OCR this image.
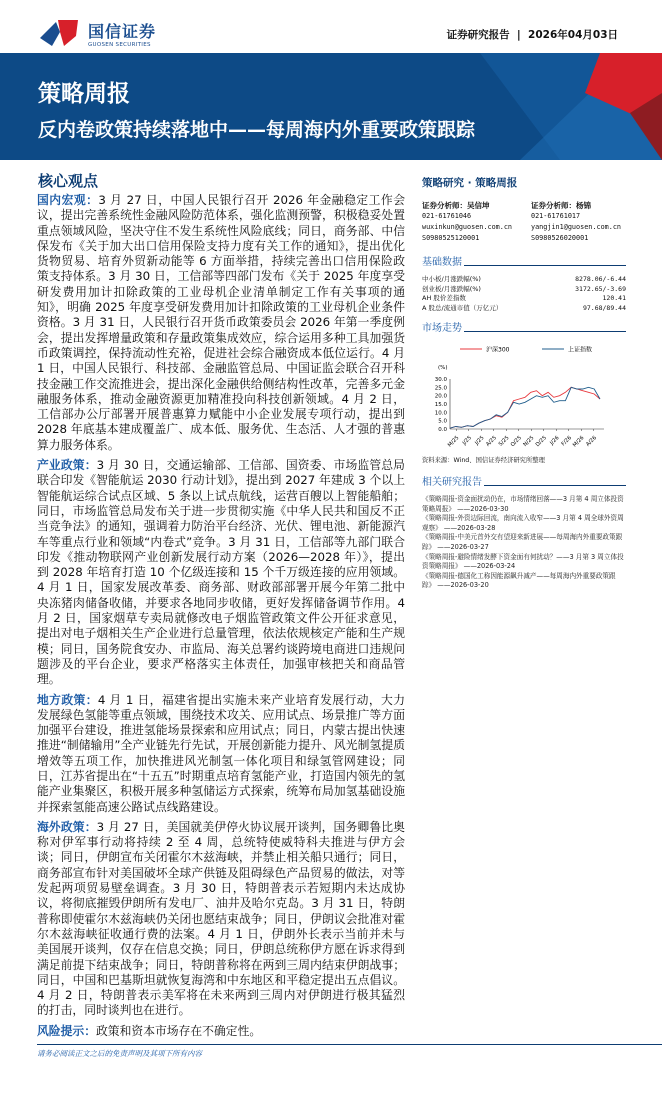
国信证券
GUOSEN SECURITIES
证券研究报告  |  2026年04月03日
策略周报
反内卷政策持续落地中——每周海内外重要政策跟踪
核心观点

国内宏观：3 月 27 日，中国人民银行召开 2026 年金融稳定工作会议，提出完善系统性金融风险防范体系，强化监测预警，积极稳妥处置重点领域风险，坚决守住不发生系统性风险底线；同日，商务部、中信保发布《关于加大出口信用保险支持力度有关工作的通知》，提出优化货物贸易、培育外贸新动能等 6 方面举措，持续完善出口信用保险政策支持体系。3 月 30 日，工信部等四部门发布《关于 2025 年度享受研发费用加计扣除政策的工业母机企业清单制定工作有关事项的通知》，明确 2025 年度享受研发费用加计扣除政策的工业母机企业条件资格。3 月 31 日，人民银行召开货币政策委员会 2026 年第一季度例会，提出发挥增量政策和存量政策集成效应，综合运用多种工具加强货币政策调控，保持流动性充裕，促进社会综合融资成本低位运行。4 月 1 日，中国人民银行、科技部、金融监管总局、中国证监会联合召开科技金融工作交流推进会，提出深化金融供给侧结构性改革，完善多元金融服务体系，推动金融资源更加精准投向科技创新领域。4 月 2 日，工信部办公厅部署开展普惠算力赋能中小企业发展专项行动，提出到 2028 年底基本建成覆盖广、成本低、服务优、生态活、人才强的普惠算力服务体系。

产业政策：3 月 30 日，交通运输部、工信部、国资委、市场监管总局联合印发《智能航运 2030 行动计划》，提出到 2027 年建成 3 个以上智能航运综合试点区域、5 条以上试点航线，运营百艘以上智能船舶；同日，市场监管总局发布关于进一步贯彻实施《中华人民共和国反不正当竞争法》的通知，强调着力防治平台经济、光伏、锂电池、新能源汽车等重点行业和领域“内卷式”竞争。3 月 31 日，工信部等九部门联合印发《推动物联网产业创新发展行动方案（2026—2028 年）》，提出到 2028 年培育打造 10 个亿级连接和 15 个千万级连接的应用领域。4 月 1 日，国家发展改革委、商务部、财政部部署开展今年第二批中央冻猪肉储备收储，并要求各地同步收储，更好发挥储备调节作用。4 月 2 日，国家烟草专卖局就修改电子烟监管政策文件公开征求意见，提出对电子烟相关生产企业进行总量管理，依法依规核定产能和生产规模；同日，国务院食安办、市监局、海关总署约谈跨境电商进口违规问题涉及的平台企业，要求严格落实主体责任，加强审核把关和商品管理。

地方政策：4 月 1 日，福建省提出实施未来产业培育发展行动，大力发展绿色氢能等重点领域，围绕技术攻关、应用试点、场景推广等方面加强平台建设，推进氢能场景探索和应用试点；同日，内蒙古提出快速推进“制储输用”全产业链先行先试，开展创新能力提升、风光制氢提质增效等五项工作，加快推进风光制氢一体化项目和绿氢管网建设；同日，江苏省提出在“十五五”时期重点培育氢能产业，打造国内领先的氢能产业集聚区，积极开展多种氢储运方式探索，统筹布局加氢基础设施并探索氢能高速公路试点线路建设。

海外政策：3 月 27 日，美国就美伊停火协议展开谈判，国务卿鲁比奥称对伊军事行动将持续 2 至 4 周，总统特使威特科夫推进与伊方会谈；同日，伊朗宣布关闭霍尔木兹海峡，并禁止相关船只通行；同日，商务部宣布针对美国破坏全球产供链及阻碍绿色产品贸易的做法，对等发起两项贸易壁垒调查。3 月 30 日，特朗普表示若短期内未达成协议，将彻底摧毁伊朗所有发电厂、油井及哈尔克岛。3 月 31 日，特朗普称即使霍尔木兹海峡仍关闭也愿结束战争；同日，伊朗议会批准对霍尔木兹海峡征收通行费的法案。4 月 1 日，伊朗外长表示当前并未与美国展开谈判，仅存在信息交换；同日，伊朗总统称伊方愿在诉求得到满足前提下结束战争；同日，特朗普称将在两到三周内结束伊朗战事；同日，中国和巴基斯坦就恢复海湾和中东地区和平稳定提出五点倡议。4 月 2 日，特朗普表示美军将在未来两到三周内对伊朗进行极其猛烈的打击，同时谈判也在进行。

风险提示：政策和资本市场存在不确定性。

请务必阅读正文之后的免责声明及其项下所有内容
策略研究 · 策略周报
证券分析师：吴信坤
021-61761046
wuxinkun@guosen.com.cn
S0980525120001
证券分析师：杨锦
021-61761017
yangjin1@guosen.com.cn
S0980526020001
基础数据
中小板/月涨跌幅(%)	8278.06/-6.44
创业板/月涨跌幅(%)	3172.65/-3.69
AH 股价差指数	120.41
A 股总/流通市值（万亿元）	97.68/89.44
市场走势
沪深300	上证指数
(%)
0.0
5.0
10.0
15.0
20.0
25.0
30.0
M/25 J/25 J/25 A/25 S/25 O/25 N/25 D/25 J/26 F/26
M/26 A/26
资料来源：Wind、国信证券经济研究所整理
相关研究报告
《策略周报-资金面扰动仍在，市场情绪回落——3 月第 4 周立体投资策略周报》 ——2026-03-30
《策略周报-外资边际回流，南向流入收窄——3 月第 4 周全球外资周观察》 ——2026-03-28
《策略周报-中美元首外交有望迎来新进展——每周海内外重要政策跟踪》 ——2026-03-27
《策略周报-避险情绪发酵下资金面有何扰动？——3 月第 3 周立体投资策略周报》 ——2026-03-24
《策略周报-德国化工称因能源飙升减产——每周海内外重要政策跟踪》 ——2026-03-20
